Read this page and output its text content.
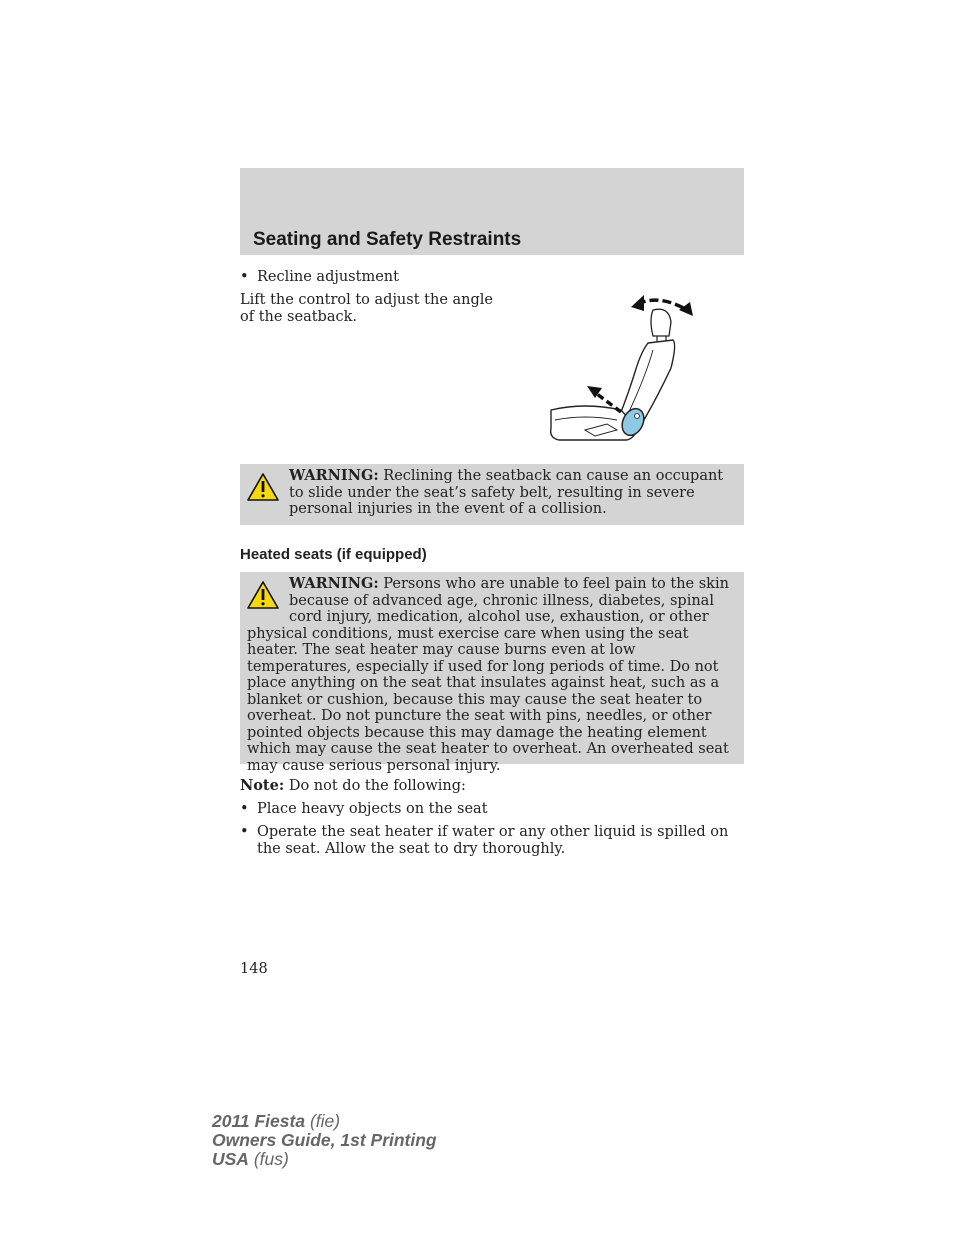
Seating and Safety Restraints
• Recline adjustment
Lift the control to adjust the angle
of the seatback.
WARNING: Reclining the seatback can cause an occupant to slide under the seat’s safety belt, resulting in severe personal injuries in the event of a collision.
Heated seats (if equipped)
WARNING: Persons who are unable to feel pain to the skin because of advanced age, chronic illness, diabetes, spinal cord injury, medication, alcohol use, exhaustion, or other physical conditions, must exercise care when using the seat heater. The seat heater may cause burns even at low temperatures, especially if used for long periods of time. Do not place anything on the seat that insulates against heat, such as a blanket or cushion, because this may cause the seat heater to overheat. Do not puncture the seat with pins, needles, or other pointed objects because this may damage the heating element which may cause the seat heater to overheat. An overheated seat may cause serious personal injury.
Note: Do not do the following:
• Place heavy objects on the seat
• Operate the seat heater if water or any other liquid is spilled on the seat. Allow the seat to dry thoroughly.
148
2011 Fiesta (fie)
Owners Guide, 1st Printing
USA (fus)
